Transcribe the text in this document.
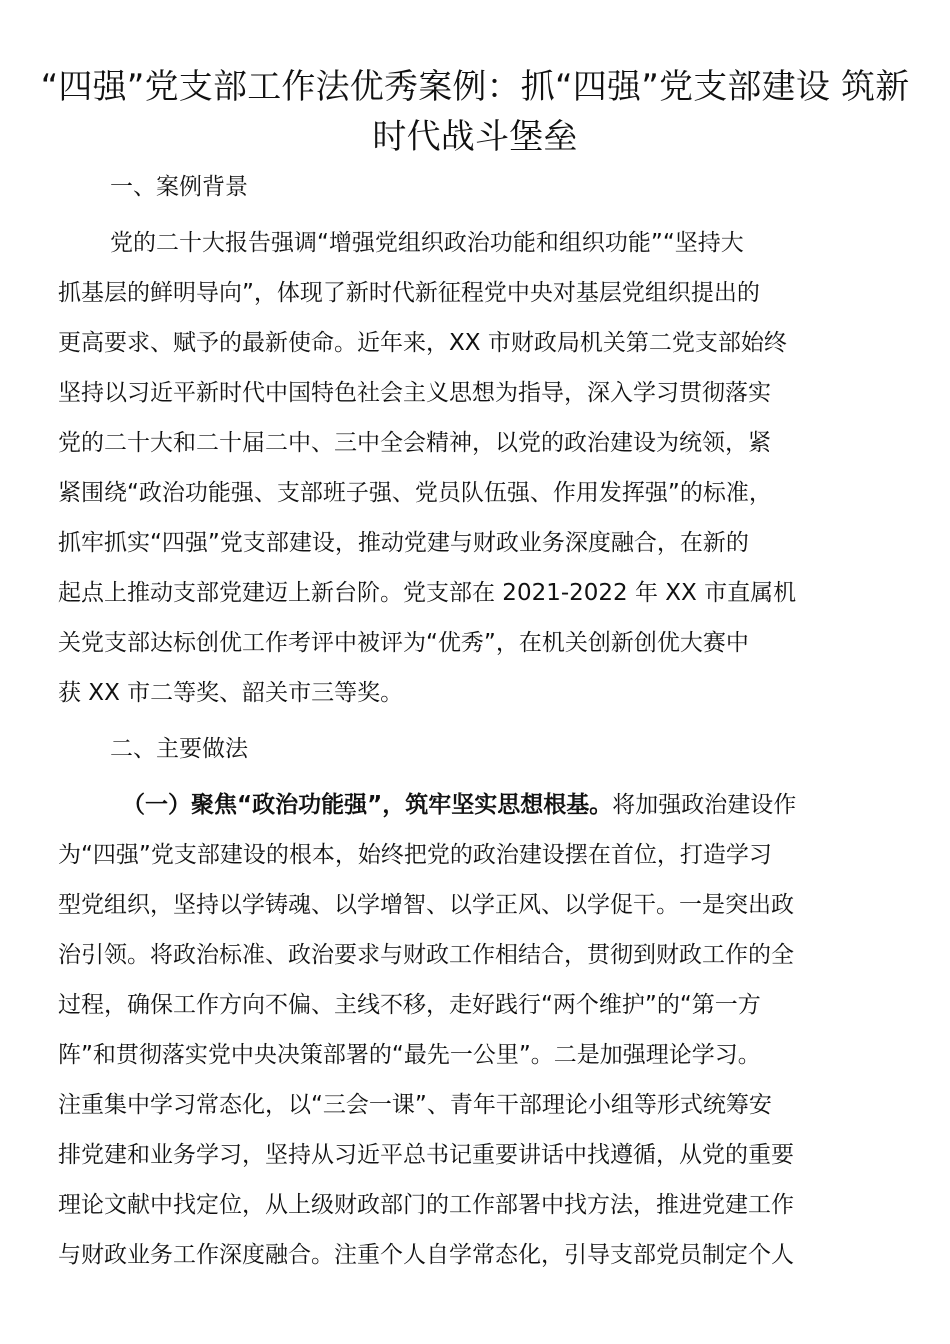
“四强”党支部工作法优秀案例：抓“四强”党支部建设 筑新时代战斗堡垒
一、案例背景
党的二十大报告强调“增强党组织政治功能和组织功能”“坚持大
抓基层的鲜明导向”，体现了新时代新征程党中央对基层党组织提出的
更高要求、赋予的最新使命。近年来，XX 市财政局机关第二党支部始终
坚持以习近平新时代中国特色社会主义思想为指导，深入学习贯彻落实
党的二十大和二十届二中、三中全会精神，以党的政治建设为统领，紧
紧围绕“政治功能强、支部班子强、党员队伍强、作用发挥强”的标准，
抓牢抓实“四强”党支部建设，推动党建与财政业务深度融合，在新的
起点上推动支部党建迈上新台阶。党支部在 2021-2022 年 XX 市直属机
关党支部达标创优工作考评中被评为“优秀”，在机关创新创优大赛中
获 XX 市二等奖、韶关市三等奖。
二、主要做法
（一）聚焦“政治功能强”，筑牢坚实思想根基。将加强政治建设作
为“四强”党支部建设的根本，始终把党的政治建设摆在首位，打造学习
型党组织，坚持以学铸魂、以学增智、以学正风、以学促干。一是突出政
治引领。将政治标准、政治要求与财政工作相结合，贯彻到财政工作的全
过程，确保工作方向不偏、主线不移，走好践行“两个维护”的“第一方
阵”和贯彻落实党中央决策部署的“最先一公里”。二是加强理论学习。
注重集中学习常态化，以“三会一课”、青年干部理论小组等形式统筹安
排党建和业务学习，坚持从习近平总书记重要讲话中找遵循，从党的重要
理论文献中找定位，从上级财政部门的工作部署中找方法，推进党建工作
与财政业务工作深度融合。注重个人自学常态化，引导支部党员制定个人
